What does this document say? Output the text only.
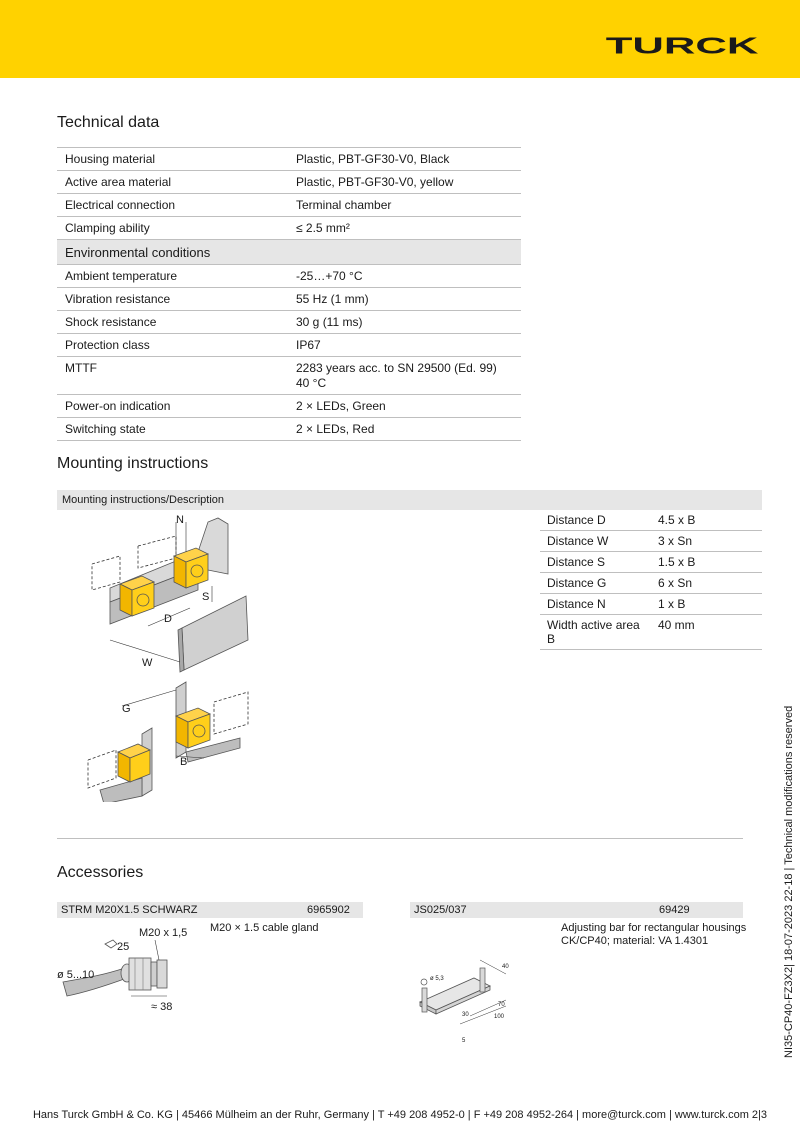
TURCK
Technical data
Housing material	Plastic, PBT-GF30-V0, Black
Active area material	Plastic, PBT-GF30-V0, yellow
Electrical connection	Terminal chamber
Clamping ability	≤ 2.5 mm²
Environmental conditions	
Ambient temperature	-25…+70 °C
Vibration resistance	55 Hz (1 mm)
Shock resistance	30 g (11 ms)
Protection class	IP67
MTTF	2283 years acc. to SN 29500 (Ed. 99) 40 °C
Power-on indication	2 × LEDs, Green
Switching state	2 × LEDs, Red
Mounting instructions
Mounting instructions/Description
N
S
D
W
G
B
Distance D	4.5 x B
Distance W	3 x Sn
Distance S	1.5 x B
Distance G	6 x Sn
Distance N	1 x B
Width active area B	40 mm
Accessories
STRM M20X1.5 SCHWARZ	6965902
M20 × 1.5 cable gland
M20 x 1,5
25
ø 5...10
≈ 38
JS025/037	69429
Adjusting bar for rectangular housings CK/CP40; material: VA 1.4301
ø 5,3
40
30
70
100
5	NI35-CP40-FZ3X2| 18-07-2023 22-18 | Technical modifications reserved
Hans Turck GmbH & Co. KG | 45466 Mülheim an der Ruhr, Germany | T +49 208 4952-0 | F +49 208 4952-264 | more@turck.com | www.turck.com 2|3
